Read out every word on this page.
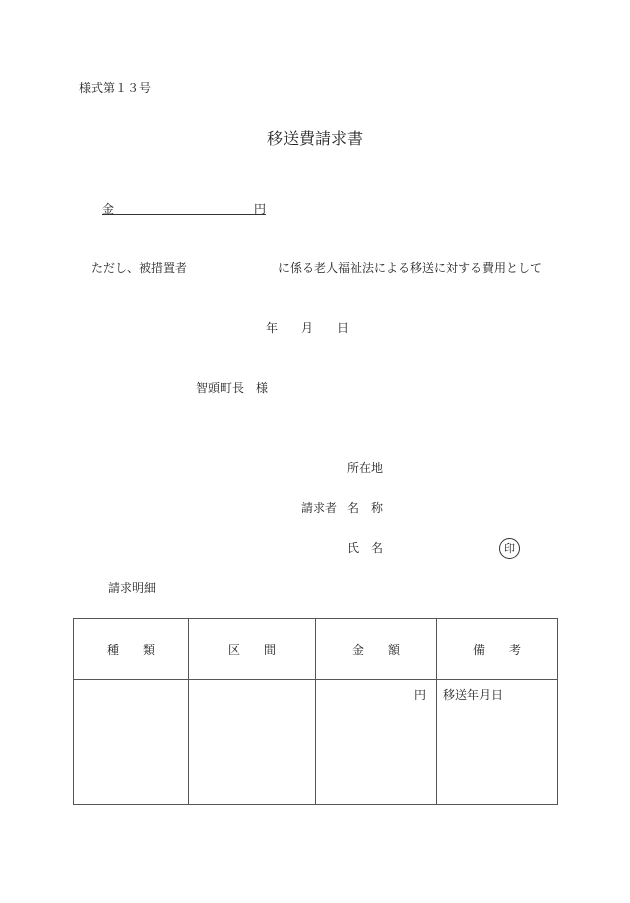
様式第１３号
移送費請求書
金	円
ただし、被措置者	に係る老人福祉法による移送に対する費用として
年 月 日
智頭町長　様
所在地
請求者 名　称
氏　名	印
請求明細
種　　類	区　　間	金　　額	備　　考
		円	移送年月日
